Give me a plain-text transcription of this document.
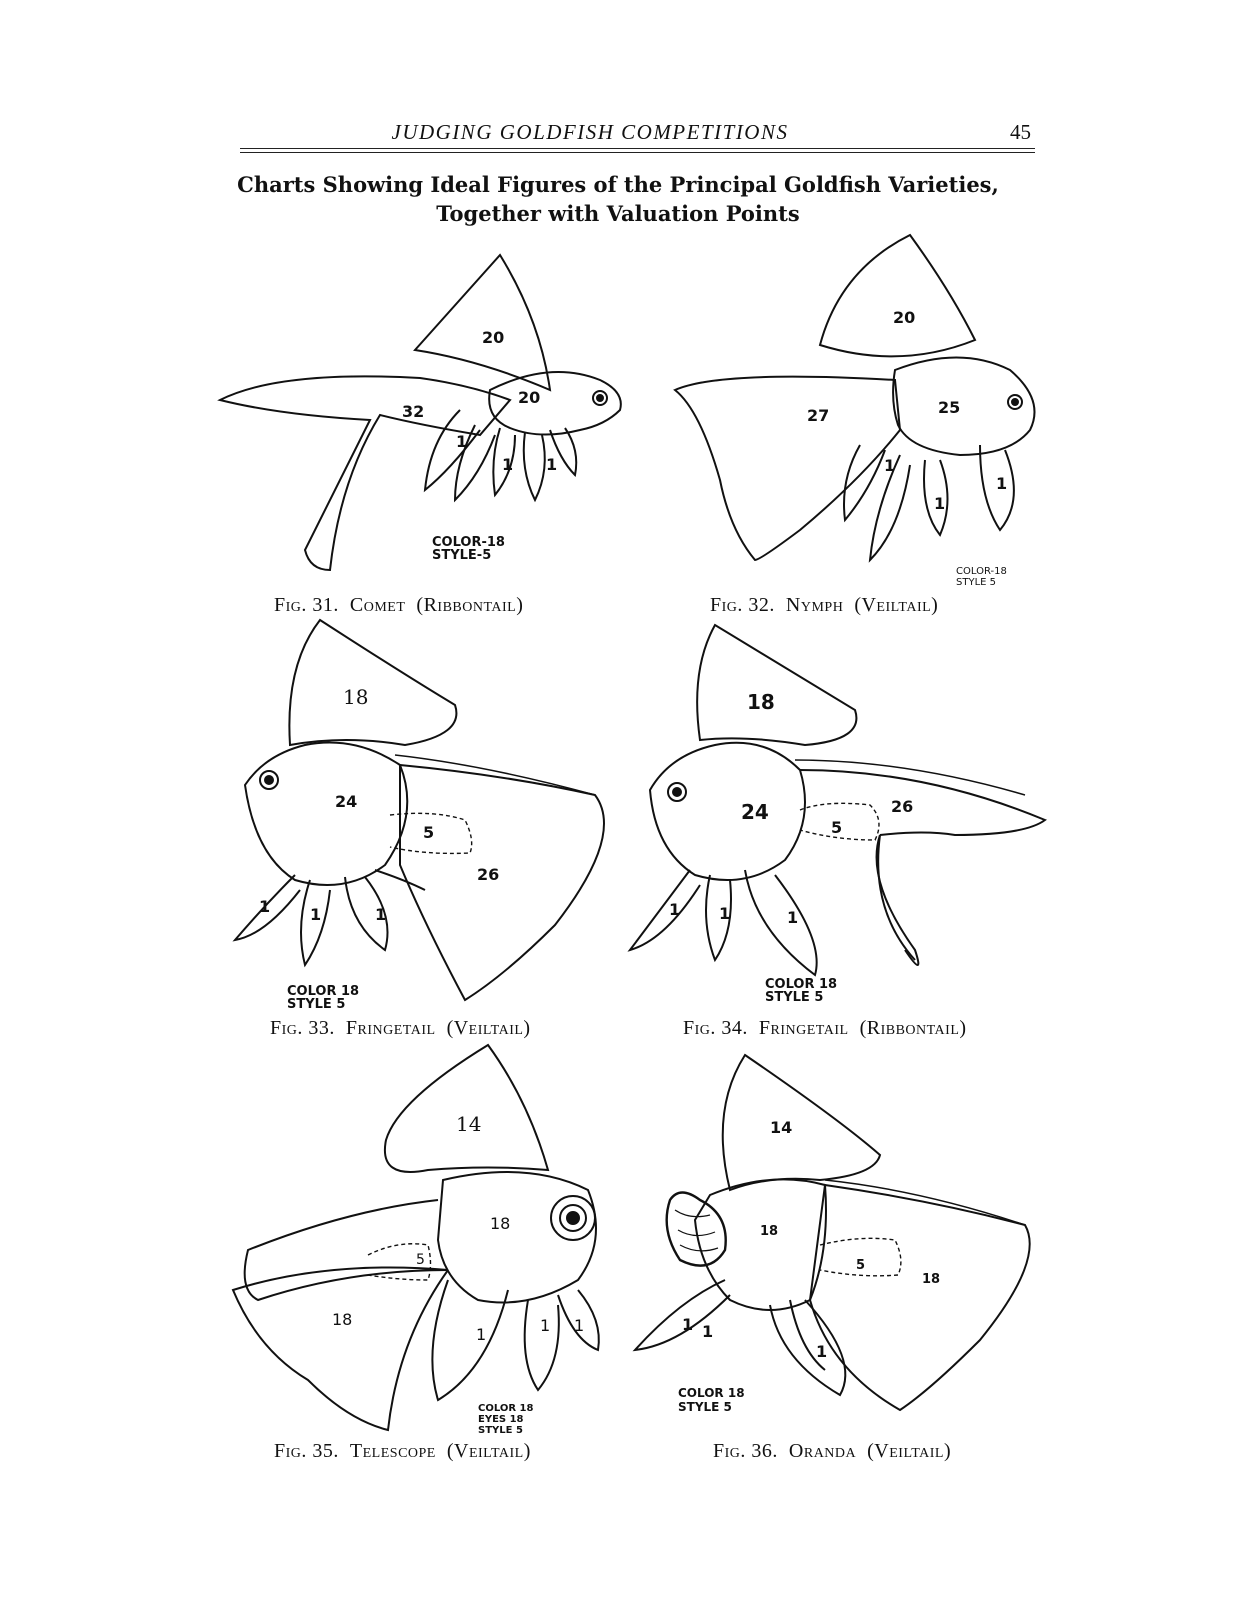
JUDGING GOLDFISH COMPETITIONS	45
Charts Showing Ideal Figures of the Principal Goldfish Varieties,
Together with Valuation Points
20
20
32
1
1 1
COLOR-18
STYLE-5
Fig. 31. Comet (Ribbontail)
20
25
27
1
1
1
COLOR-18
STYLE 5
Fig. 32. Nymph (Veiltail)
18
24
5
26
1 1	1
COLOR 18
STYLE 5
Fig. 33. Fringetail (Veiltail)
18
24
5
26
1 1	1
COLOR 18
STYLE 5
Fig. 34. Fringetail (Ribbontail)
14
18
5
18
1	1 1
COLOR 18
EYES 18
STYLE 5
Fig. 35. Telescope (Veiltail)
14
18
5
18
1 1
1
COLOR 18
STYLE 5
Fig. 36. Oranda (Veiltail)
